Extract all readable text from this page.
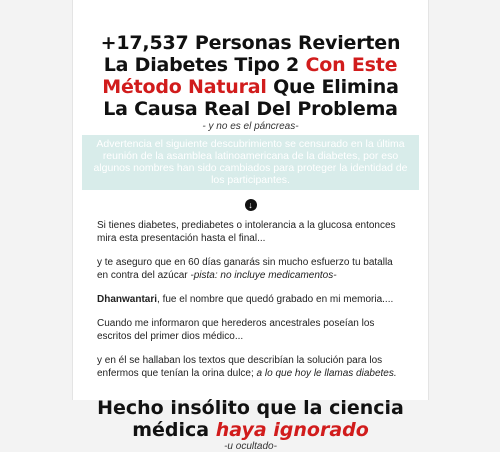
+17,537 Personas Revierten La Diabetes Tipo 2 Con Este Método Natural Que Elimina La Causa Real Del Problema
- y no es el páncreas-
Advertencia el siguiente descubrimiento se censurado en la última reunión de la asamblea latinoamericana de la diabetes, por eso algunos nombres han sido cambiados para proteger la identidad de los participantes.
↓

Si tienes diabetes, prediabetes o intolerancia a la glucosa entonces mira esta presentación hasta el final...

y te aseguro que en 60 días ganarás sin mucho esfuerzo tu batalla en contra del azúcar -pista: no incluye medicamentos-

Dhanwantari, fue el nombre que quedó grabado en mi memoria....

Cuando me informaron que herederos ancestrales poseían los escritos del primer dios médico...

y en él se hallaban los textos que describían la solución para los enfermos que tenían la orina dulce; a lo que hoy le llamas diabetes.

Hecho insólito que la ciencia médica haya ignorado
-u ocultado-
